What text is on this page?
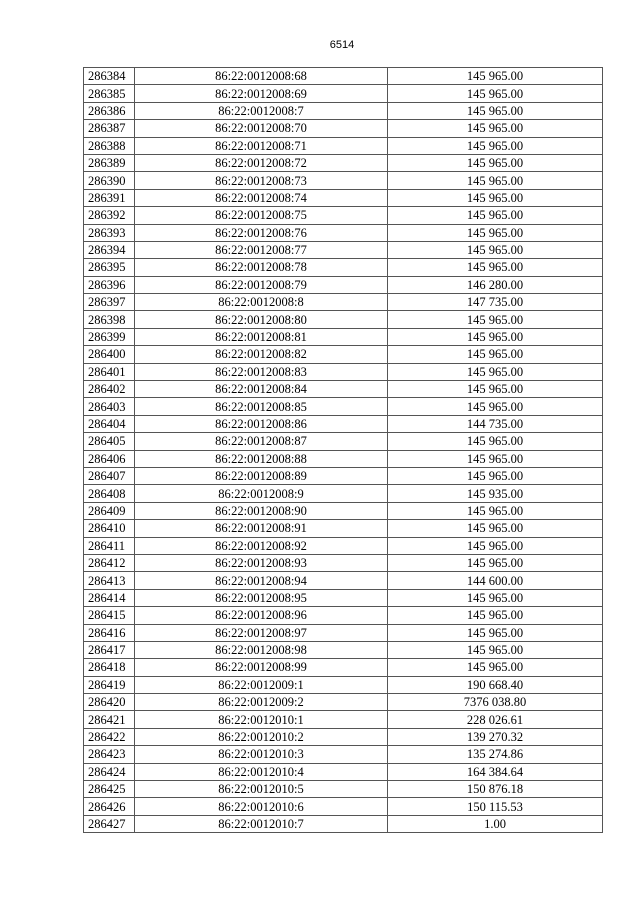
6514
286384	86:22:0012008:68	145 965.00
286385	86:22:0012008:69	145 965.00
286386	86:22:0012008:7	145 965.00
286387	86:22:0012008:70	145 965.00
286388	86:22:0012008:71	145 965.00
286389	86:22:0012008:72	145 965.00
286390	86:22:0012008:73	145 965.00
286391	86:22:0012008:74	145 965.00
286392	86:22:0012008:75	145 965.00
286393	86:22:0012008:76	145 965.00
286394	86:22:0012008:77	145 965.00
286395	86:22:0012008:78	145 965.00
286396	86:22:0012008:79	146 280.00
286397	86:22:0012008:8	147 735.00
286398	86:22:0012008:80	145 965.00
286399	86:22:0012008:81	145 965.00
286400	86:22:0012008:82	145 965.00
286401	86:22:0012008:83	145 965.00
286402	86:22:0012008:84	145 965.00
286403	86:22:0012008:85	145 965.00
286404	86:22:0012008:86	144 735.00
286405	86:22:0012008:87	145 965.00
286406	86:22:0012008:88	145 965.00
286407	86:22:0012008:89	145 965.00
286408	86:22:0012008:9	145 935.00
286409	86:22:0012008:90	145 965.00
286410	86:22:0012008:91	145 965.00
286411	86:22:0012008:92	145 965.00
286412	86:22:0012008:93	145 965.00
286413	86:22:0012008:94	144 600.00
286414	86:22:0012008:95	145 965.00
286415	86:22:0012008:96	145 965.00
286416	86:22:0012008:97	145 965.00
286417	86:22:0012008:98	145 965.00
286418	86:22:0012008:99	145 965.00
286419	86:22:0012009:1	190 668.40
286420	86:22:0012009:2	7376 038.80
286421	86:22:0012010:1	228 026.61
286422	86:22:0012010:2	139 270.32
286423	86:22:0012010:3	135 274.86
286424	86:22:0012010:4	164 384.64
286425	86:22:0012010:5	150 876.18
286426	86:22:0012010:6	150 115.53
286427	86:22:0012010:7	1.00
